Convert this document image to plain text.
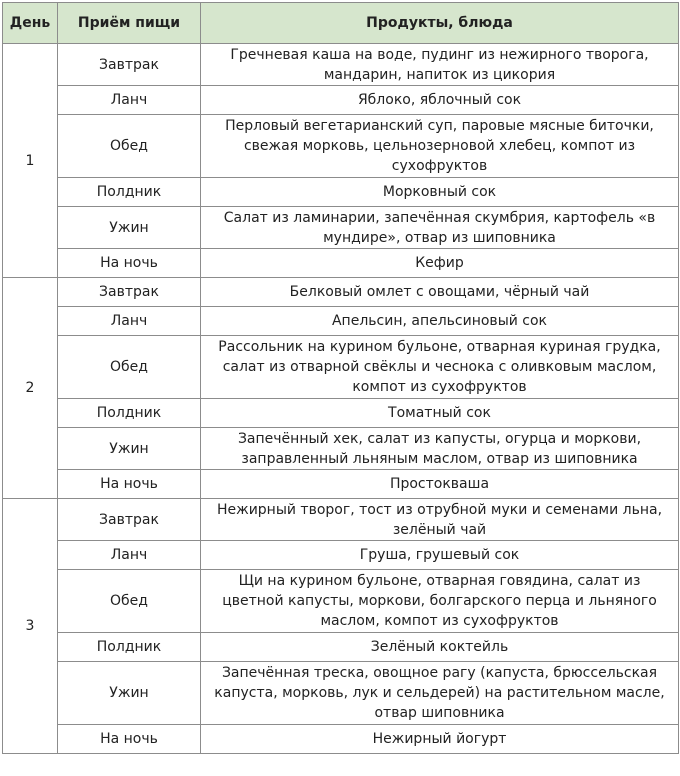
День	Приём пищи	Продукты, блюда
1	Завтрак	Гречневая каша на воде, пудинг из нежирного творога, мандарин, напиток из цикория
	Ланч	Яблоко, яблочный сок
	Обед	Перловый вегетарианский суп, паровые мясные биточки, свежая морковь, цельнозерновой хлебец, компот из сухофруктов
	Полдник	Морковный сок
	Ужин	Салат из ламинарии, запечённая скумбрия, картофель «в мундире», отвар из шиповника
	На ночь	Кефир
2	Завтрак	Белковый омлет с овощами, чёрный чай
	Ланч	Апельсин, апельсиновый сок
	Обед	Рассольник на курином бульоне, отварная куриная грудка, салат из отварной свёклы и чеснока с оливковым маслом, компот из сухофруктов
	Полдник	Томатный сок
	Ужин	Запечённый хек, салат из капусты, огурца и моркови, заправленный льняным маслом, отвар из шиповника
	На ночь	Простокваша
3	Завтрак	Нежирный творог, тост из отрубной муки и семенами льна, зелёный чай
	Ланч	Груша, грушевый сок
	Обед	Щи на курином бульоне, отварная говядина, салат из цветной капусты, моркови, болгарского перца и льняного маслом, компот из сухофруктов
	Полдник	Зелёный коктейль
	Ужин	Запечённая треска, овощное рагу (капуста, брюссельская капуста, морковь, лук и сельдерей) на растительном масле, отвар шиповника
	На ночь	Нежирный йогурт
